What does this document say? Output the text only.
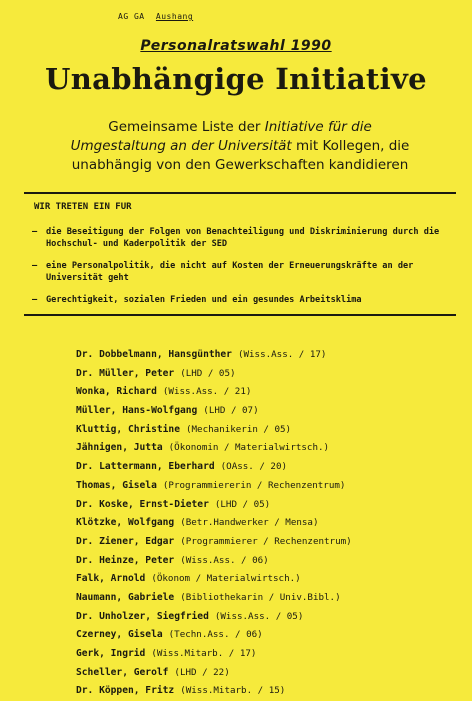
AG GA Aushang
Personalratswahl 1990
Unabhängige Initiative
Gemeinsame Liste der Initiative für die
Umgestaltung an der Universität mit Kollegen, die
unabhängig von den Gewerkschaften kandidieren
WIR TRETEN EIN FUR
– die Beseitigung der Folgen von Benachteiligung und Diskriminierung durch die Hochschul- und Kaderpolitik der SED
– eine Personalpolitik, die nicht auf Kosten der Erneuerungskräfte an der Universität geht
– Gerechtigkeit, sozialen Frieden und ein gesundes Arbeitsklima
Dr. Dobbelmann, Hansgünther (Wiss.Ass. / 17)
Dr. Müller, Peter (LHD / 05)
Wonka, Richard (Wiss.Ass. / 21)
Müller, Hans-Wolfgang (LHD / 07)
Kluttig, Christine (Mechanikerin / 05)
Jähnigen, Jutta (Ökonomin / Materialwirtsch.)
Dr. Lattermann, Eberhard (OAss. / 20)
Thomas, Gisela (Programmiererin / Rechenzentrum)
Dr. Koske, Ernst-Dieter (LHD / 05)
Klötzke, Wolfgang (Betr.Handwerker / Mensa)
Dr. Ziener, Edgar (Programmierer / Rechenzentrum)
Dr. Heinze, Peter (Wiss.Ass. / 06)
Falk, Arnold (Ökonom / Materialwirtsch.)
Naumann, Gabriele (Bibliothekarin / Univ.Bibl.)
Dr. Unholzer, Siegfried (Wiss.Ass. / 05)
Czerney, Gisela (Techn.Ass. / 06)
Gerk, Ingrid (Wiss.Mitarb. / 17)
Scheller, Gerolf (LHD / 22)
Dr. Köppen, Fritz (Wiss.Mitarb. / 15)
